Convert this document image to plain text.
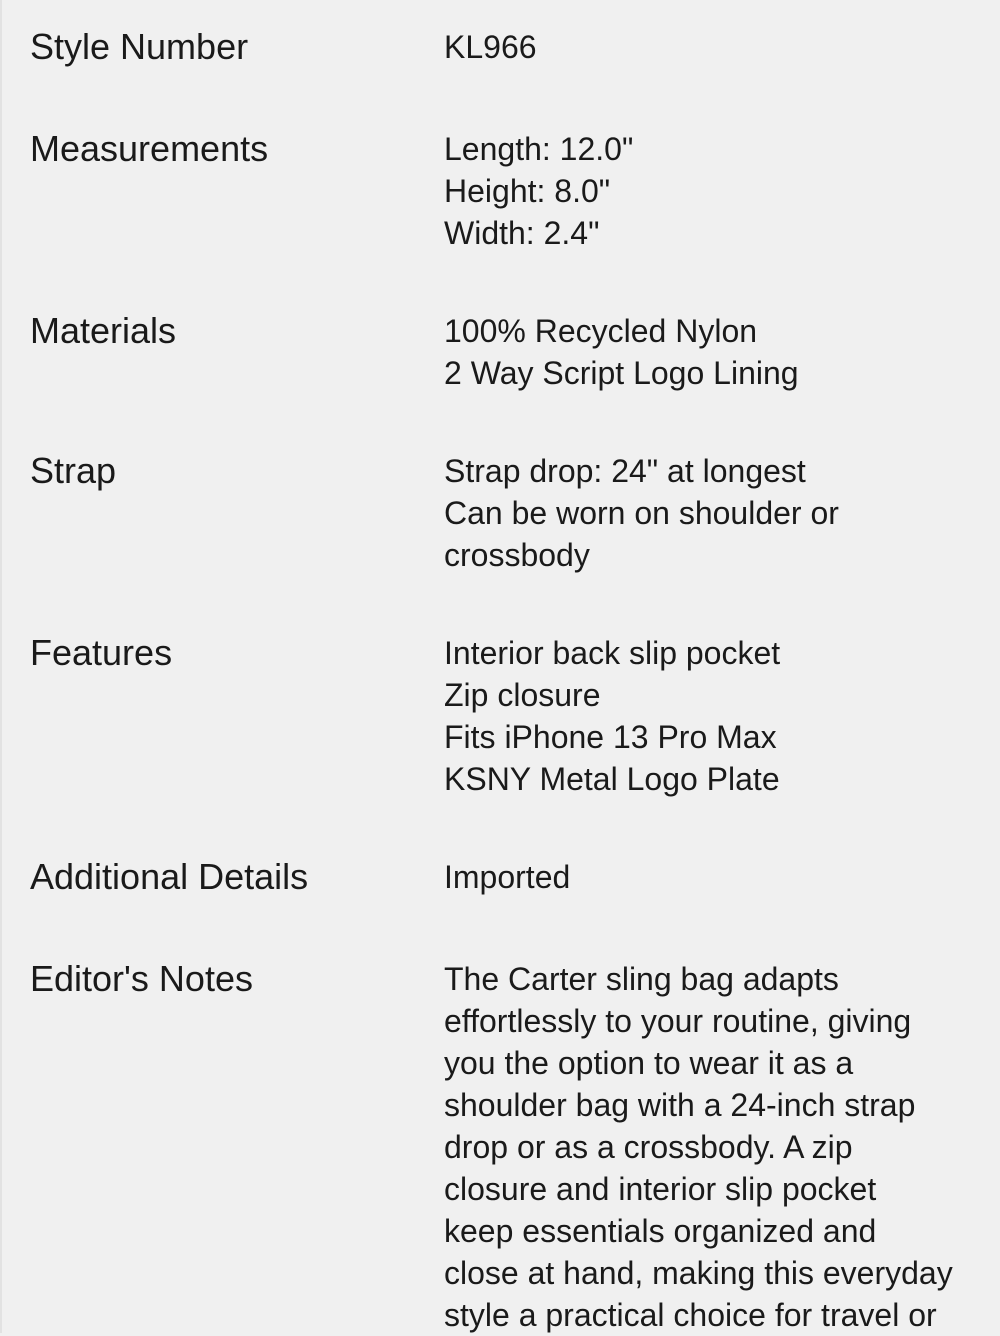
Style Number	KL966
Measurements	Length: 12.0"
Height: 8.0"
Width: 2.4"
Materials	100% Recycled Nylon
2 Way Script Logo Lining
Strap	Strap drop: 24" at longest
Can be worn on shoulder or
crossbody
Features	Interior back slip pocket
Zip closure
Fits iPhone 13 Pro Max
KSNY Metal Logo Plate
Additional Details	Imported
Editor's Notes	The Carter sling bag adapts
effortlessly to your routine, giving
you the option to wear it as a
shoulder bag with a 24-inch strap
drop or as a crossbody. A zip
closure and interior slip pocket
keep essentials organized and
close at hand, making this everyday
style a practical choice for travel or
